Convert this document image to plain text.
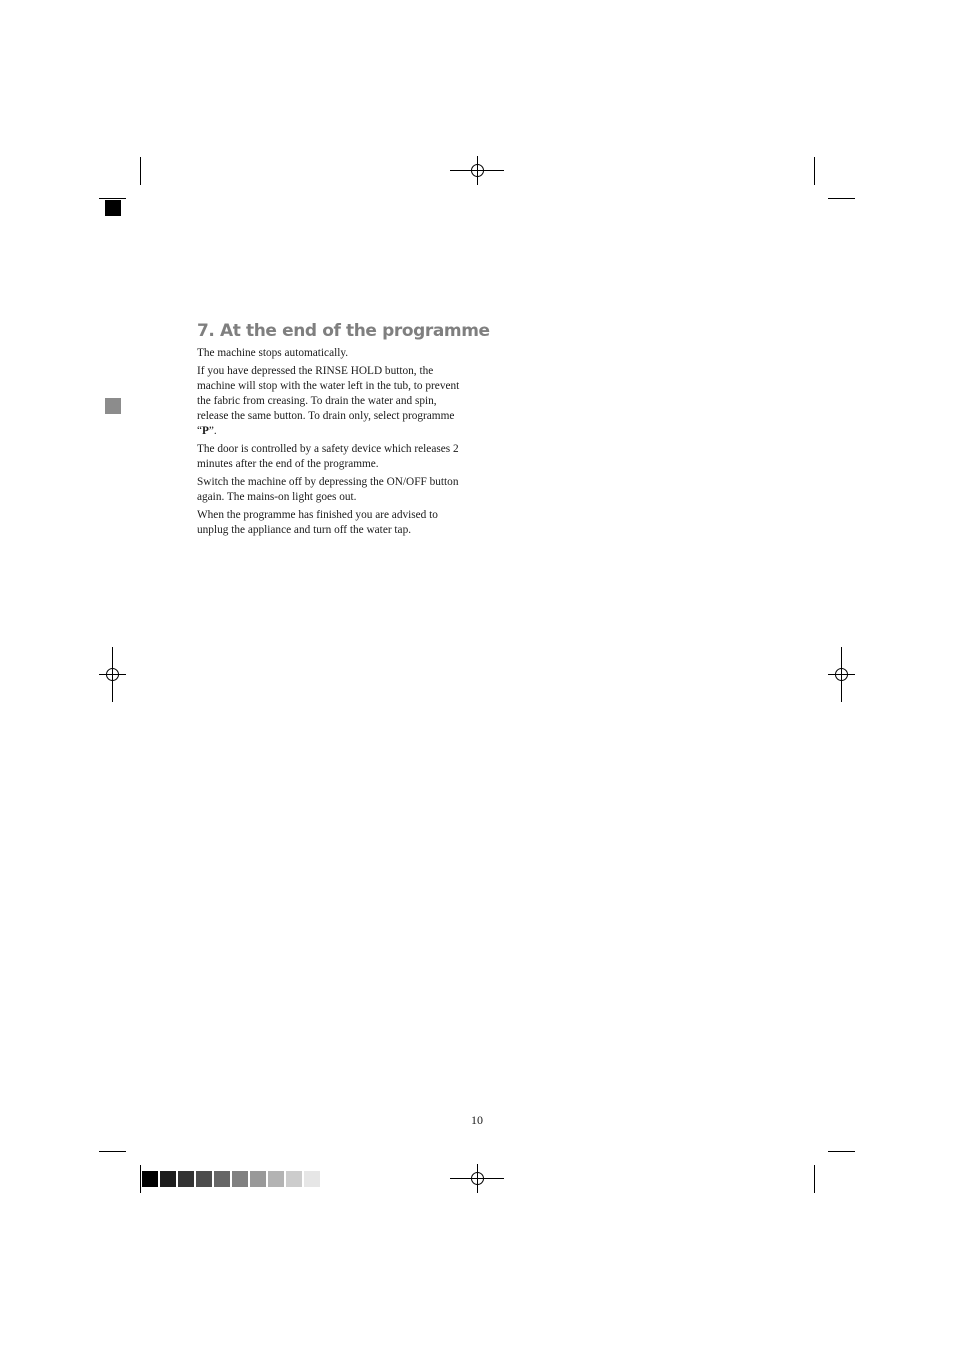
7. At the end of the programme

The machine stops automatically.

If you have depressed the RINSE HOLD button, the machine will stop with the water left in the tub, to prevent the fabric from creasing. To drain the water and spin, release the same button. To drain only, select programme “P”.

The door is controlled by a safety device which releases 2 minutes after the end of the programme.

Switch the machine off by depressing the ON/OFF button again. The mains-on light goes out.

When the programme has finished you are advised to unplug the appliance and turn off the water tap.

10
